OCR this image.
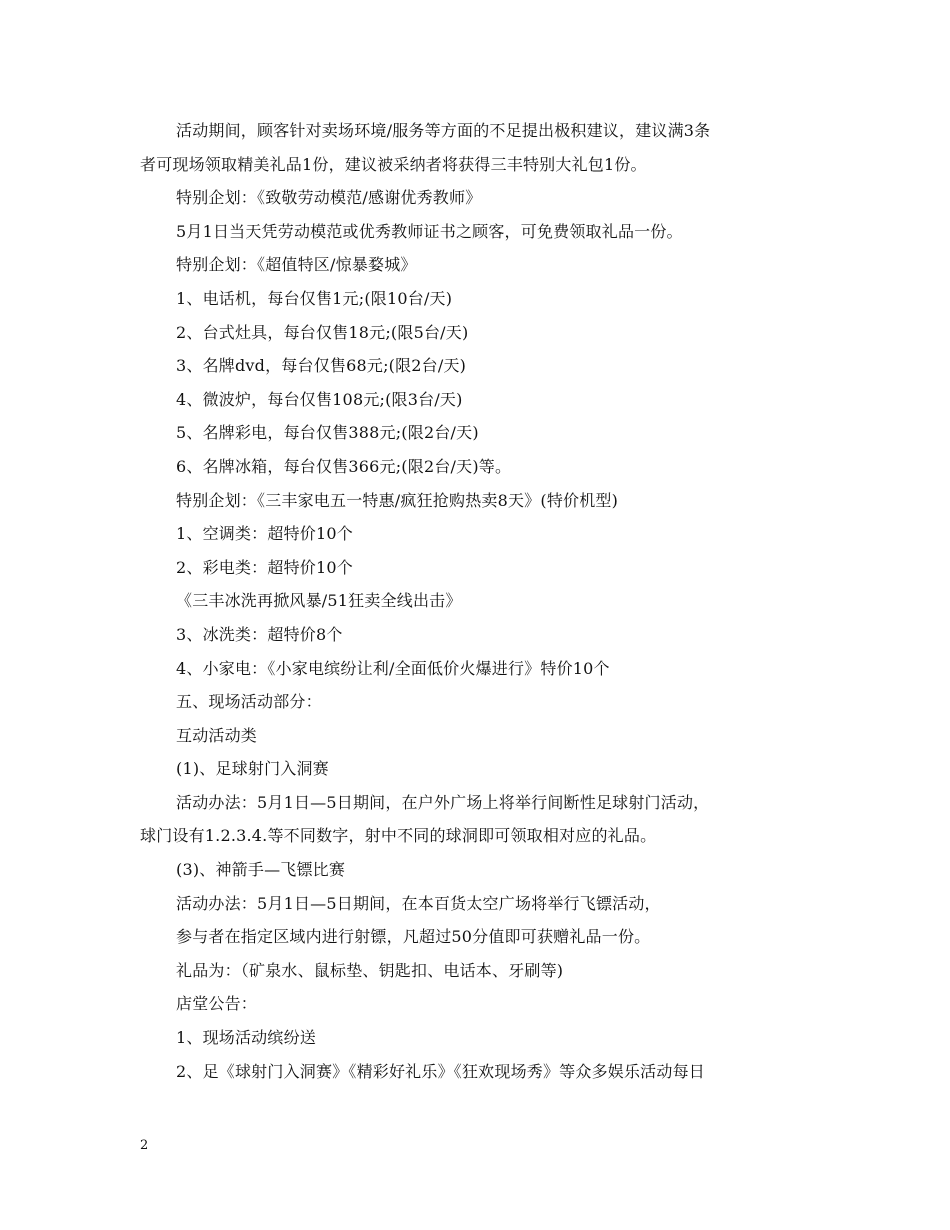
活动期间，顾客针对卖场环境/服务等方面的不足提出极积建议，建议满3条
者可现场领取精美礼品1份，建议被采纳者将获得三丰特别大礼包1份。
特别企划：《致敬劳动模范/感谢优秀教师》
5月1日当天凭劳动模范或优秀教师证书之顾客，可免费领取礼品一份。
特别企划：《超值特区/惊暴婺城》
1、电话机，每台仅售1元;(限10台/天)
2、台式灶具，每台仅售18元;(限5台/天)
3、名牌dvd，每台仅售68元;(限2台/天)
4、微波炉，每台仅售108元;(限3台/天)
5、名牌彩电，每台仅售388元;(限2台/天)
6、名牌冰箱，每台仅售366元;(限2台/天)等。
特别企划：《三丰家电五一特惠/疯狂抢购热卖8天》(特价机型)
1、空调类：超特价10个
2、彩电类：超特价10个
《三丰冰洗再掀风暴/51狂卖全线出击》
3、冰洗类：超特价8个
4、小家电：《小家电缤纷让利/全面低价火爆进行》特价10个
五、现场活动部分：
互动活动类
(1)、足球射门入洞赛
活动办法：5月1日—5日期间，在户外广场上将举行间断性足球射门活动，
球门设有1.2.3.4.等不同数字，射中不同的球洞即可领取相对应的礼品。
(3)、神箭手—飞镖比赛
活动办法：5月1日—5日期间，在本百货太空广场将举行飞镖活动，
参与者在指定区域内进行射镖，凡超过50分值即可获赠礼品一份。
礼品为：（矿泉水、鼠标垫、钥匙扣、电话本、牙刷等)
店堂公告：
1、现场活动缤纷送
2、足《球射门入洞赛》《精彩好礼乐》《狂欢现场秀》等众多娱乐活动每日
2
